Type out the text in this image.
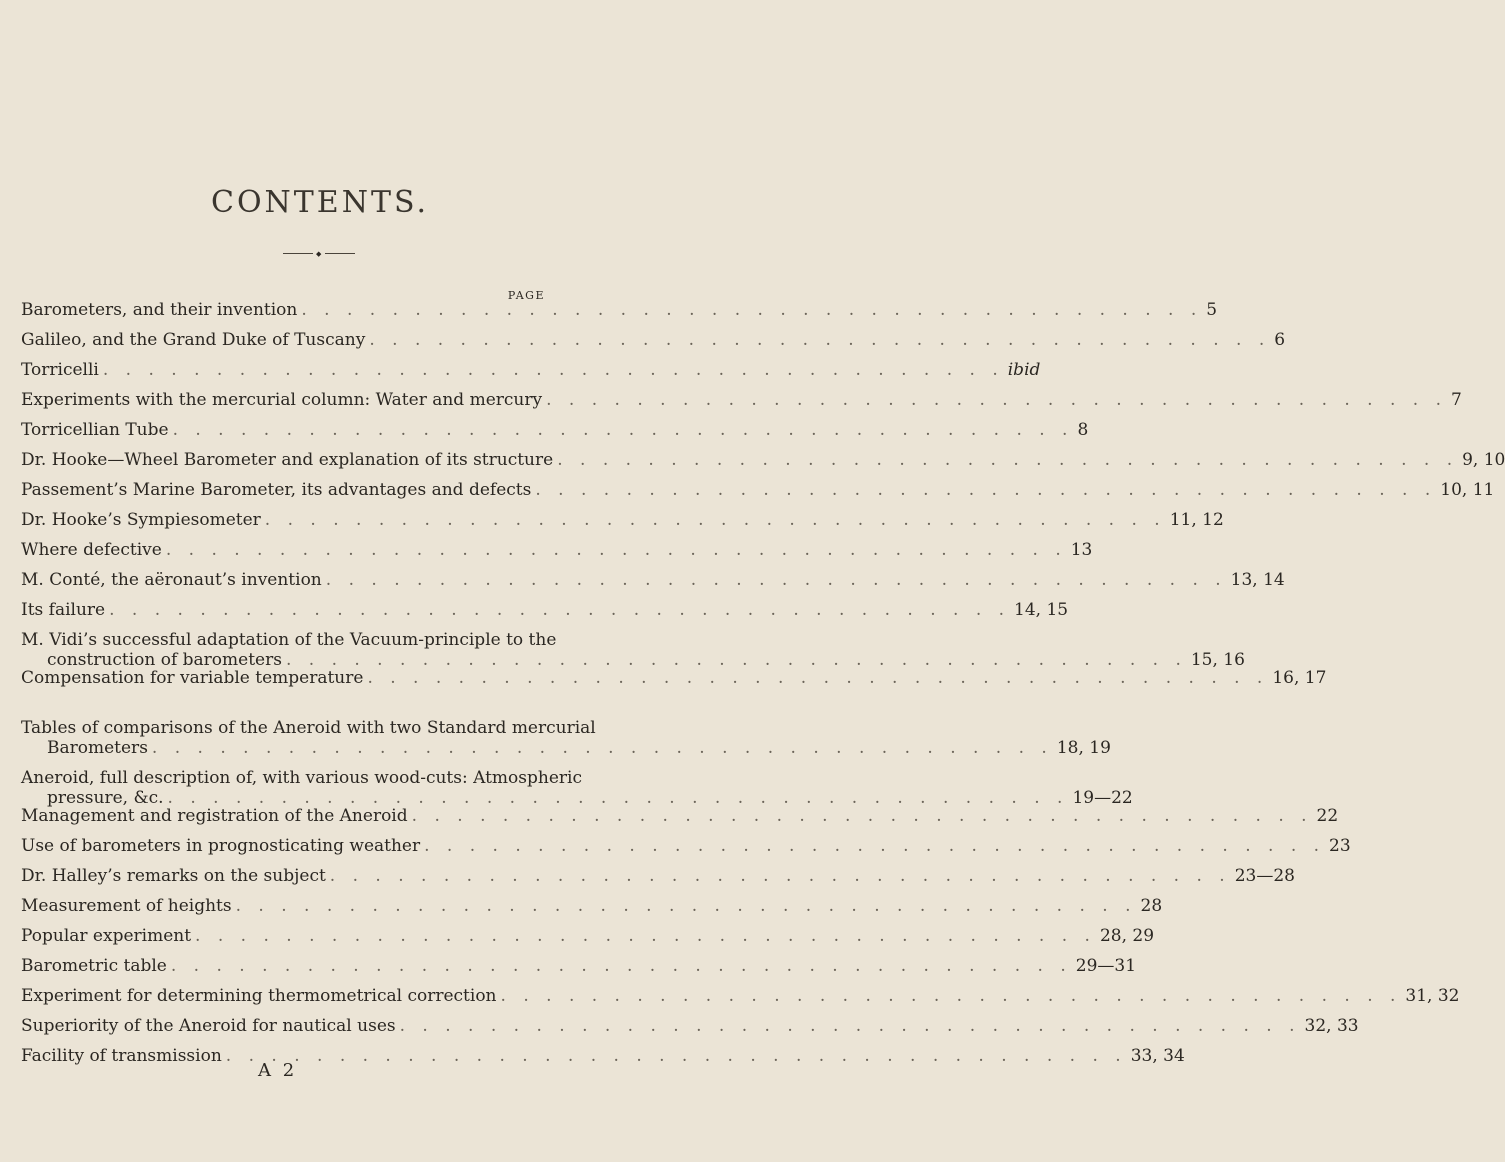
CONTENTS.
◆
PAGE
Barometers, and their invention . . . . . . . . . . . . . . . . . . . . . . . . . . . . . . . . . . . . . . . . 5
Galileo, and the Grand Duke of Tuscany . . . . . . . . . . . . . . . . . . . . . . . . . . . . . . . . . . . . . . . . 6
Torricelli . . . . . . . . . . . . . . . . . . . . . . . . . . . . . . . . . . . . . . . . ibid
Experiments with the mercurial column: Water and mercury . . . . . . . . . . . . . . . . . . . . . . . . . . . . . . . . . . . . . . . . 7
Torricellian Tube . . . . . . . . . . . . . . . . . . . . . . . . . . . . . . . . . . . . . . . . 8
Dr. Hooke—Wheel Barometer and explanation of its structure . . . . . . . . . . . . . . . . . . . . . . . . . . . . . . . . . . . . . . . . 9, 10
Passement’s Marine Barometer, its advantages and defects . . . . . . . . . . . . . . . . . . . . . . . . . . . . . . . . . . . . . . . . 10, 11
Dr. Hooke’s Sympiesometer . . . . . . . . . . . . . . . . . . . . . . . . . . . . . . . . . . . . . . . . 11, 12
Where defective . . . . . . . . . . . . . . . . . . . . . . . . . . . . . . . . . . . . . . . . 13
M. Conté, the aëronaut’s invention . . . . . . . . . . . . . . . . . . . . . . . . . . . . . . . . . . . . . . . . 13, 14
Its failure . . . . . . . . . . . . . . . . . . . . . . . . . . . . . . . . . . . . . . . . 14, 15
M. Vidi’s successful adaptation of the Vacuum-principle to the
construction of barometers . . . . . . . . . . . . . . . . . . . . . . . . . . . . . . . . . . . . . . . . 15, 16
Compensation for variable temperature . . . . . . . . . . . . . . . . . . . . . . . . . . . . . . . . . . . . . . . . 16, 17
Tables of comparisons of the Aneroid with two Standard mercurial
Barometers . . . . . . . . . . . . . . . . . . . . . . . . . . . . . . . . . . . . . . . . 18, 19
Aneroid, full description of, with various wood-cuts: Atmospheric
pressure, &c. . . . . . . . . . . . . . . . . . . . . . . . . . . . . . . . . . . . . . . . . 19—22
Management and registration of the Aneroid . . . . . . . . . . . . . . . . . . . . . . . . . . . . . . . . . . . . . . . . 22
Use of barometers in prognosticating weather . . . . . . . . . . . . . . . . . . . . . . . . . . . . . . . . . . . . . . . . 23
Dr. Halley’s remarks on the subject . . . . . . . . . . . . . . . . . . . . . . . . . . . . . . . . . . . . . . . . 23—28
Measurement of heights . . . . . . . . . . . . . . . . . . . . . . . . . . . . . . . . . . . . . . . . 28
Popular experiment . . . . . . . . . . . . . . . . . . . . . . . . . . . . . . . . . . . . . . . . 28, 29
Barometric table . . . . . . . . . . . . . . . . . . . . . . . . . . . . . . . . . . . . . . . . 29—31
Experiment for determining thermometrical correction . . . . . . . . . . . . . . . . . . . . . . . . . . . . . . . . . . . . . . . . 31, 32
Superiority of the Aneroid for nautical uses . . . . . . . . . . . . . . . . . . . . . . . . . . . . . . . . . . . . . . . . 32, 33
Facility of transmission . . . . . . . . . . . . . . . . . . . . . . . . . . . . . . . . . . . . . . . . 33, 34
A 2
